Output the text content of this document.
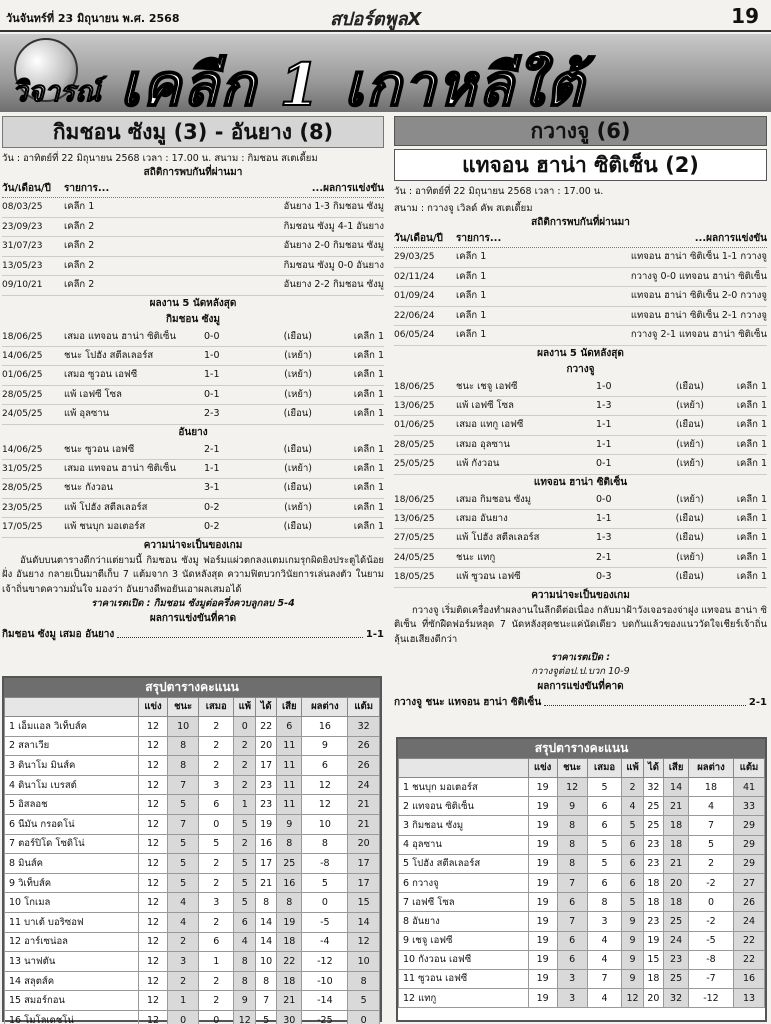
วันจันทร์ที่ 23 มิถุนายน พ.ศ. 2568	สปอร์ตพูลX	19
วิจารณ์ เคลีก 1 เกาหลีใต้
กิมชอน ซังมู (3) - อันยาง (8)
วัน : อาทิตย์ที่ 22 มิถุนายน 2568 เวลา : 17.00 น. สนาม : กิมชอน สเตเดี้ยม
สถิติการพบกันที่ผ่านมา
วัน/เดือน/ปี	รายการ...	...ผลการแข่งขัน
08/03/25	เคลีก 1	อันยาง 1-3 กิมชอน ซังมู
23/09/23	เคลีก 2	กิมชอน ซังมู 4-1 อันยาง
31/07/23	เคลีก 2	อันยาง 2-0 กิมชอน ซังมู
13/05/23	เคลีก 2	กิมชอน ซังมู 0-0 อันยาง
09/10/21	เคลีก 2	อันยาง 2-2 กิมชอน ซังมู
ผลงาน 5 นัดหลังสุด
กิมชอน ซังมู
18/06/25	เสมอ แทจอน ฮาน่า ซิติเซ็น	0-0	(เยือน)	เคลีก 1
14/06/25	ชนะ โปฮัง สตีลเลอร์ส	1-0	(เหย้า)	เคลีก 1
01/06/25	เสมอ ซูวอน เอฟซี	1-1	(เหย้า)	เคลีก 1
28/05/25	แพ้ เอฟซี โซล	0-1	(เหย้า)	เคลีก 1
24/05/25	แพ้ อุลซาน	2-3	(เยือน)	เคลีก 1
อันยาง
14/06/25	ชนะ ซูวอน เอฟซี	2-1	(เยือน)	เคลีก 1
31/05/25	เสมอ แทจอน ฮาน่า ซิติเซ็น	1-1	(เหย้า)	เคลีก 1
28/05/25	ชนะ กังวอน	3-1	(เยือน)	เคลีก 1
23/05/25	แพ้ โปฮัง สตีลเลอร์ส	0-2	(เหย้า)	เคลีก 1
17/05/25	แพ้ ชนบุก มอเตอร์ส	0-2	(เยือน)	เคลีก 1
ความน่าจะเป็นของเกม
อันดับบนตารางดีกว่าแต่ยามนี้ กิมชอน ซังมู ฟอร์มแผ่วตกลงแตมเกมรุกผิดยิงประตูได้น้อย ฝั่ง อันยาง กลายเป็นมาตีเก็บ 7 แต้มจาก 3 นัดหลังสุด ความฟิตบวกวินัยการเล่นลงตัว ในยามเจ้าถิ่นขาดความมั่นใจ มองว่า อันยางดีพอยันเอาผลเสมอได้
ราคาเรตเปิด : กิมชอน ซังมูต่อครึ่งควบลูกลบ 5-4
ผลการแข่งขันที่คาด
กิมชอน ซังมู เสมอ อันยาง	1-1
กวางจู (6)
แทจอน ฮาน่า ซิติเซ็น (2)
วัน : อาทิตย์ที่ 22 มิถุนายน 2568 เวลา : 17.00 น.
สนาม : กวางจู เวิลด์ คัพ สเตเดี้ยม
สถิติการพบกันที่ผ่านมา
วัน/เดือน/ปี	รายการ...	...ผลการแข่งขัน
29/03/25	เคลีก 1	แทจอน ฮาน่า ซิติเซ็น 1-1 กวางจู
02/11/24	เคลีก 1	กวางจู 0-0 แทจอน ฮาน่า ซิติเซ็น
01/09/24	เคลีก 1	แทจอน ฮาน่า ซิติเซ็น 2-0 กวางจู
22/06/24	เคลีก 1	แทจอน ฮาน่า ซิติเซ็น 2-1 กวางจู
06/05/24	เคลีก 1	กวางจู 2-1 แทจอน ฮาน่า ซิติเซ็น
ผลงาน 5 นัดหลังสุด
กวางจู
18/06/25	ชนะ เชจู เอฟซี	1-0	(เยือน)	เคลีก 1
13/06/25	แพ้ เอฟซี โซล	1-3	(เหย้า)	เคลีก 1
01/06/25	เสมอ แทกู เอฟซี	1-1	(เยือน)	เคลีก 1
28/05/25	เสมอ อุลซาน	1-1	(เหย้า)	เคลีก 1
25/05/25	แพ้ กังวอน	0-1	(เหย้า)	เคลีก 1
แทจอน ฮาน่า ซิติเซ็น
18/06/25	เสมอ กิมชอน ซังมู	0-0	(เหย้า)	เคลีก 1
13/06/25	เสมอ อันยาง	1-1	(เยือน)	เคลีก 1
27/05/25	แพ้ โปฮัง สตีลเลอร์ส	1-3	(เยือน)	เคลีก 1
24/05/25	ชนะ แทกู	2-1	(เหย้า)	เคลีก 1
18/05/25	แพ้ ซูวอน เอฟซี	0-3	(เยือน)	เคลีก 1
ความน่าจะเป็นของเกม
กวางจู เริ่มติดเครื่องทำผลงานในลีกดีต่อเนื่อง กลับมาฝ้าวังเจอรองจ่าฝูง แทจอน ฮาน่า ซิติเซ็น ที่ซักฝืดฟอร์มหลุด 7 นัดหลังสุดชนะแค่นัดเดียว บดกันแล้วของแนววัดใจเชียร์เจ้าถิ่นลุ้นเฮเสียงดีกว่า
ราคาเรตเปิด :
กวางจูต่อป.ป.บวก 10-9
ผลการแข่งขันที่คาด
กวางจู ชนะ แทจอน ฮาน่า ซิติเซ็น	2-1
สรุปตารางคะแนน
	แข่ง	ชนะ	เสมอ	แพ้	ได้	เสีย	ผลต่าง	แต้ม
1 เอ็มแอล วิเท็บส์ค	12	10	2	0	22	6	16	32
2 สลาเวีย	12	8	2	2	20	11	9	26
3 ดินาโม มินส์ค	12	8	2	2	17	11	6	26
4 ดินาโม เบรสต์	12	7	3	2	23	11	12	24
5 อิสลอช	12	5	6	1	23	11	12	21
6 นีมัน กรอดโน่	12	7	0	5	19	9	10	21
7 ตอร์ปิโด โซดิโน่	12	5	5	2	16	8	8	20
8 มินส์ค	12	5	2	5	17	25	-8	17
9 วิเท็บส์ค	12	5	2	5	21	16	5	17
10 โกเมล	12	4	3	5	8	8	0	15
11 บาเต้ บอริซอฟ	12	4	2	6	14	19	-5	14
12 อาร์เซน่อล	12	2	6	4	14	18	-4	12
13 นาฟตัน	12	3	1	8	10	22	-12	10
14 สลุตส์ค	12	2	2	8	8	18	-10	8
15 สมอร์กอน	12	1	2	9	7	21	-14	5
16 โมโลเดชโน่	12	0	0	12	5	30	-25	0
สรุปตารางคะแนน
	แข่ง	ชนะ	เสมอ	แพ้	ได้	เสีย	ผลต่าง	แต้ม
1 ชนบุก มอเตอร์ส	19	12	5	2	32	14	18	41
2 แทจอน ซิติเซ็น	19	9	6	4	25	21	4	33
3 กิมชอน ซังมู	19	8	6	5	25	18	7	29
4 อุลซาน	19	8	5	6	23	18	5	29
5 โปฮัง สตีลเลอร์ส	19	8	5	6	23	21	2	29
6 กวางจู	19	7	6	6	18	20	-2	27
7 เอฟซี โซล	19	6	8	5	18	18	0	26
8 อันยาง	19	7	3	9	23	25	-2	24
9 เชจู เอฟซี	19	6	4	9	19	24	-5	22
10 กังวอน เอฟซี	19	6	4	9	15	23	-8	22
11 ซูวอน เอฟซี	19	3	7	9	18	25	-7	16
12 แทกู	19	3	4	12	20	32	-12	13
